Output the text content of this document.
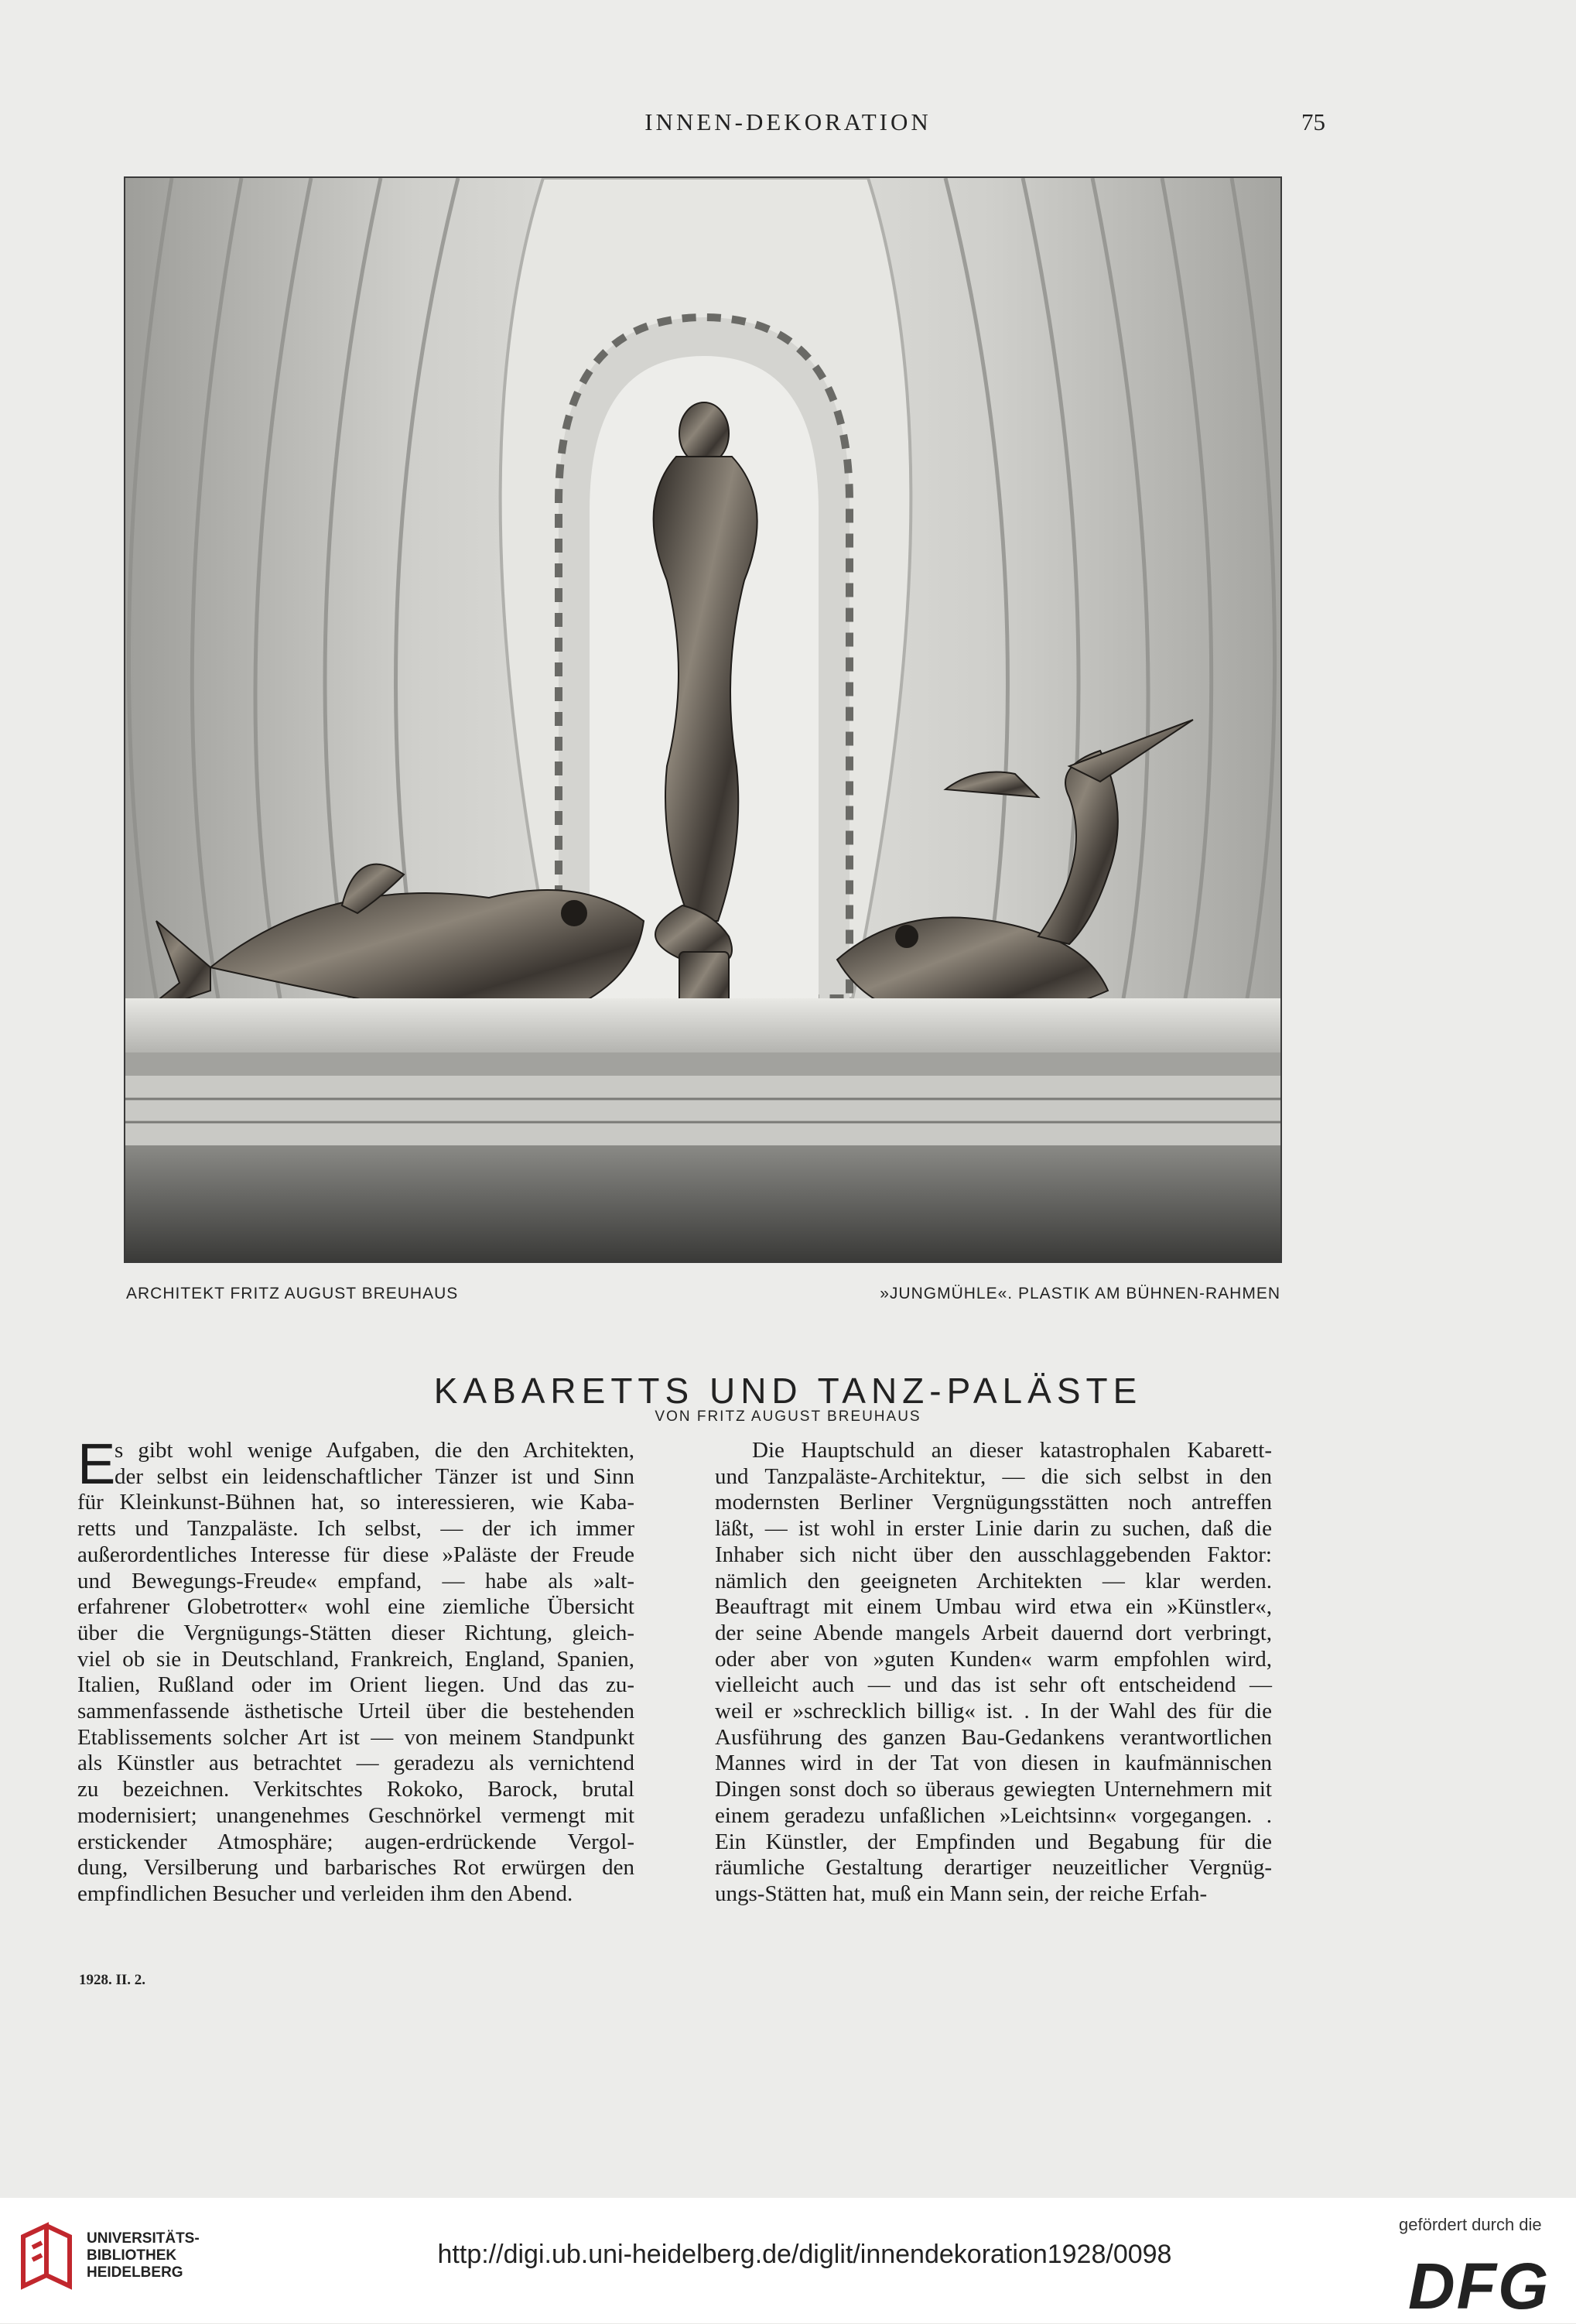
INNEN-DEKORATION	75
ARCHITEKT FRITZ AUGUST BREUHAUS	»JUNGMÜHLE«. PLASTIK AM BÜHNEN-RAHMEN
KABARETTS UND TANZ-PALÄSTE
VON FRITZ AUGUST BREUHAUS
E
s gibt wohl wenige Aufgaben, die den Architekten,
der selbst ein leidenschaftlicher Tänzer ist und Sinn
für Kleinkunst-Bühnen hat, so interessieren, wie Kaba-
retts und Tanzpaläste. Ich selbst, — der ich immer
außerordentliches Interesse für diese »Paläste der Freude
und Bewegungs-Freude« empfand, — habe als »alt-
erfahrener Globetrotter« wohl eine ziemliche Übersicht
über die Vergnügungs-Stätten dieser Richtung, gleich-
viel ob sie in Deutschland, Frankreich, England, Spanien,
Italien, Rußland oder im Orient liegen. Und das zu-
sammenfassende ästhetische Urteil über die bestehenden
Etablissements solcher Art ist — von meinem Standpunkt
als Künstler aus betrachtet — geradezu als vernichtend
zu bezeichnen. Verkitschtes Rokoko, Barock, brutal
modernisiert; unangenehmes Geschnörkel vermengt mit
erstickender Atmosphäre; augen-erdrückende Vergol-
dung, Versilberung und barbarisches Rot erwürgen den
empfindlichen Besucher und verleiden ihm den Abend.
Die Hauptschuld an dieser katastrophalen Kabarett-
und Tanzpaläste-Architektur, — die sich selbst in den
modernsten Berliner Vergnügungsstätten noch antreffen
läßt, — ist wohl in erster Linie darin zu suchen, daß die
Inhaber sich nicht über den ausschlaggebenden Faktor:
nämlich den geeigneten Architekten — klar werden.
Beauftragt mit einem Umbau wird etwa ein »Künstler«,
der seine Abende mangels Arbeit dauernd dort verbringt,
oder aber von »guten Kunden« warm empfohlen wird,
vielleicht auch — und das ist sehr oft entscheidend —
weil er »schrecklich billig« ist. . In der Wahl des für die
Ausführung des ganzen Bau-Gedankens verantwortlichen
Mannes wird in der Tat von diesen in kaufmännischen
Dingen sonst doch so überaus gewiegten Unternehmern mit
einem geradezu unfaßlichen »Leichtsinn« vorgegangen. .
Ein Künstler, der Empfinden und Begabung für die
räumliche Gestaltung derartiger neuzeitlicher Vergnüg-
ungs-Stätten hat, muß ein Mann sein, der reiche Erfah-
1928. II. 2.
UNIVERSITÄTS-
BIBLIOTHEK
HEIDELBERG
http://digi.ub.uni-heidelberg.de/diglit/innendekoration1928/0098
gefördert durch die
DFG
